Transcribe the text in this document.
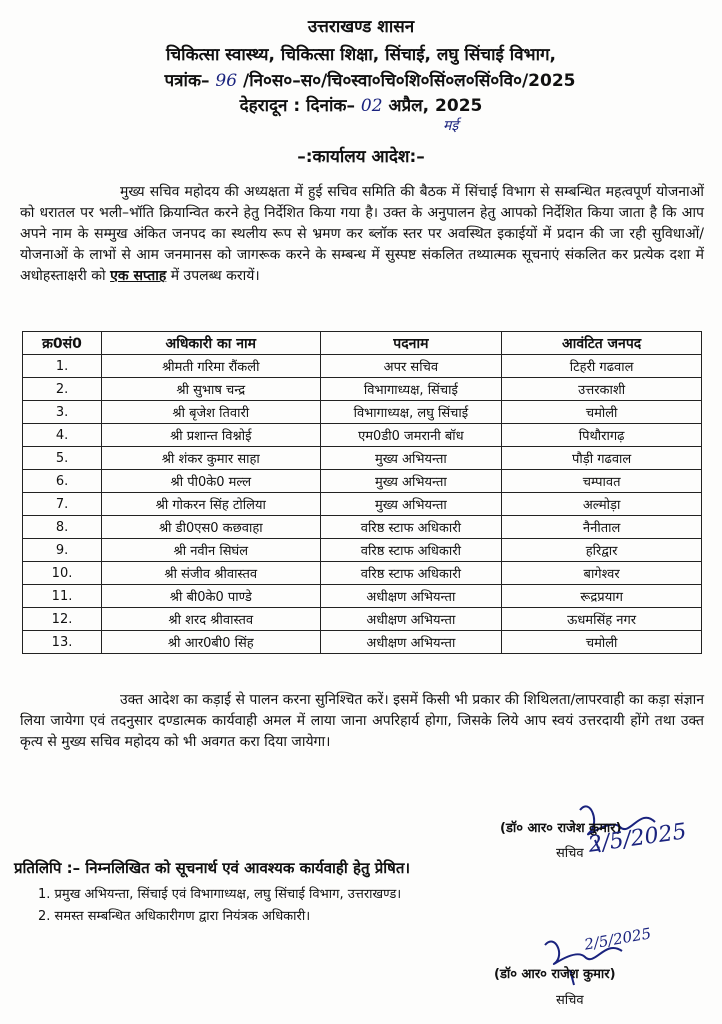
उत्तराखण्ड शासन
चिकित्सा स्वास्थ्य, चिकित्सा शिक्षा, सिंचाई, लघु सिंचाई विभाग,
पत्रांक– 96 /नि०स०–स०/चि०स्वा०चि०शि०सिं०ल०सिं०वि०/2025
देहरादून : दिनांक– 02 अप्रैल, 2025
मई
–:कार्यालय आदेश:–
मुख्य सचिव महोदय की अध्यक्षता में हुई सचिव समिति की बैठक में सिंचाई विभाग से सम्बन्धित महत्वपूर्ण योजनाओं को धरातल पर भली–भॉति क्रियान्वित करने हेतु निर्देशित किया गया है। उक्त के अनुपालन हेतु आपको निर्देशित किया जाता है कि आप अपने नाम के सम्मुख अंकित जनपद का स्थलीय रूप से भ्रमण कर ब्लॉक स्तर पर अवस्थित इकाईयों में प्रदान की जा रही सुविधाओं/योजनाओं के लाभों से आम जनमानस को जागरूक करने के सम्बन्ध में सुस्पष्ट संकलित तथ्यात्मक सूचनाएं संकलित कर प्रत्येक दशा में अधोहस्ताक्षरी को एक सप्ताह में उपलब्ध करायें।
क्र0सं0	अधिकारी का नाम	पदनाम	आवंटित जनपद
1.	श्रीमती गरिमा रौंकली	अपर सचिव	टिहरी गढवाल
2.	श्री सुभाष चन्द्र	विभागाध्यक्ष, सिंचाई	उत्तरकाशी
3.	श्री बृजेश तिवारी	विभागाध्यक्ष, लघु सिंचाई	चमोली
4.	श्री प्रशान्त विश्नोई	एम0डी0 जमरानी बॉध	पिथौरागढ़
5.	श्री शंकर कुमार साहा	मुख्य अभियन्ता	पौड़ी गढवाल
6.	श्री पी0के0 मल्ल	मुख्य अभियन्ता	चम्पावत
7.	श्री गोकरन सिंह टोलिया	मुख्य अभियन्ता	अल्मोड़ा
8.	श्री डी0एस0 कछवाहा	वरिष्ठ स्टाफ अधिकारी	नैनीताल
9.	श्री नवीन सिघंल	वरिष्ठ स्टाफ अधिकारी	हरिद्वार
10.	श्री संजीव श्रीवास्तव	वरिष्ठ स्टाफ अधिकारी	बागेश्वर
11.	श्री बी0के0 पाण्डे	अधीक्षण अभियन्ता	रूद्रप्रयाग
12.	श्री शरद श्रीवास्तव	अधीक्षण अभियन्ता	ऊधमसिंह नगर
13.	श्री आर0बी0 सिंह	अधीक्षण अभियन्ता	चमोली
उक्त आदेश का कड़ाई से पालन करना सुनिश्चित करें। इसमें किसी भी प्रकार की शिथिलता/लापरवाही का कड़ा संज्ञान लिया जायेगा एवं तदनुसार दण्डात्मक कार्यवाही अमल में लाया जाना अपरिहार्य होगा, जिसके लिये आप स्वयं उत्तरदायी होंगे तथा उक्त कृत्य से मुख्य सचिव महोदय को भी अवगत करा दिया जायेगा।
(डॉ० आर० राजेश कुमार)
सचिव 2/5/2025
प्रतिलिपि :– निम्नलिखित को सूचनार्थ एवं आवश्यक कार्यवाही हेतु प्रेषित।
1. प्रमुख अभियन्ता, सिंचाई एवं विभागाध्यक्ष, लघु सिंचाई विभाग, उत्तराखण्ड।
2. समस्त सम्बन्धित अधिकारीगण द्वारा नियंत्रक अधिकारी।
2/5/2025
(डॉ० आर० राजेश कुमार)
सचिव
